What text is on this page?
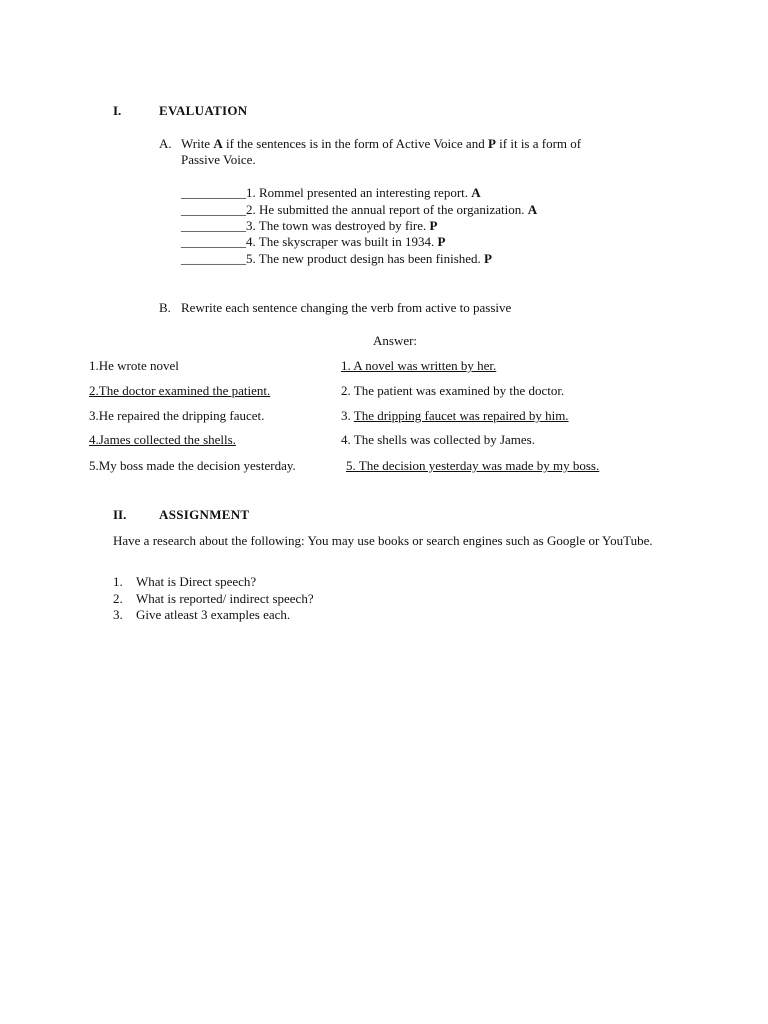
I.	EVALUATION
A. Write A if the sentences is in the form of Active Voice and P if it is a form of
Passive Voice.
__________1. Rommel presented an interesting report. A
__________2. He submitted the annual report of the organization. A
__________3. The town was destroyed by fire. P
__________4. The skyscraper was built in 1934. P
__________5. The new product design has been finished. P
B. Rewrite each sentence changing the verb from active to passive
Answer:
1.He wrote novel	1. A novel was written by her.
2.The doctor examined the patient.	2. The patient was examined by the doctor.
3.He repaired the dripping faucet.	3. The dripping faucet was repaired by him.
4.James collected the shells.	4. The shells was collected by James.
5.My boss made the decision yesterday.	5. The decision yesterday was made by my boss.
II.	ASSIGNMENT
Have a research about the following: You may use books or search engines such as Google or YouTube.
1. What is Direct speech?
2. What is reported/ indirect speech?
3. Give atleast 3 examples each.
